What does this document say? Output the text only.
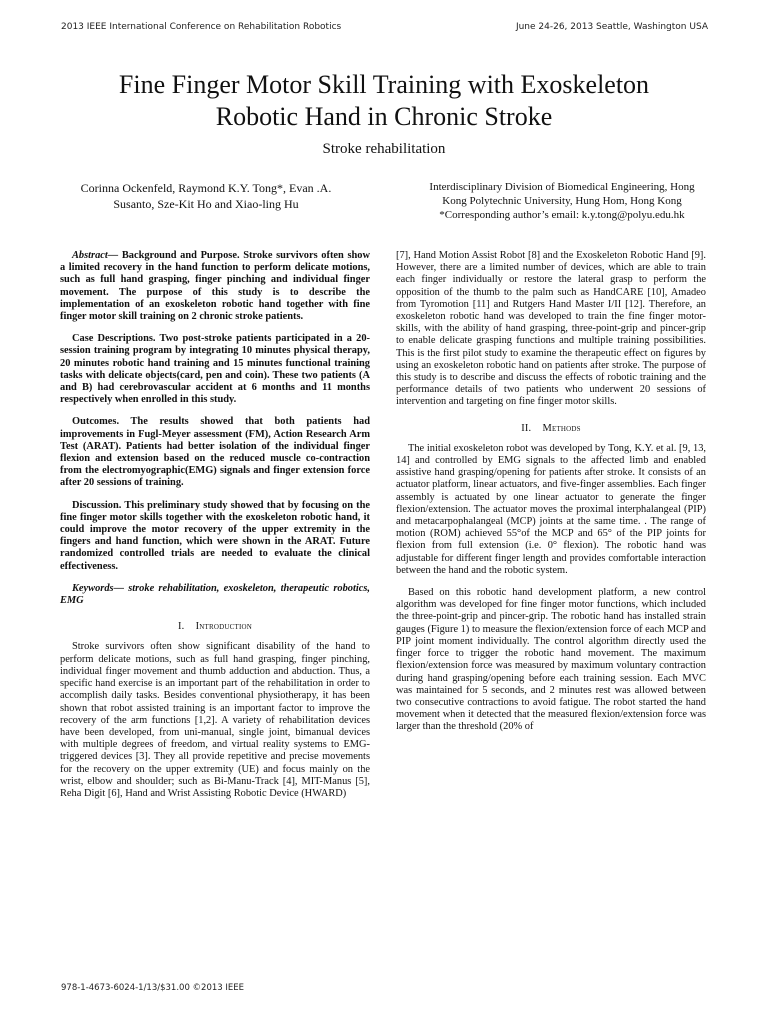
2013 IEEE International Conference on Rehabilitation Robotics	June 24-26, 2013 Seattle, Washington USA
Fine Finger Motor Skill Training with Exoskeleton
Robotic Hand in Chronic Stroke
Stroke rehabilitation
Corinna Ockenfeld, Raymond K.Y. Tong*, Evan .A.
Susanto, Sze-Kit Ho and Xiao-ling Hu
Interdisciplinary Division of Biomedical Engineering, Hong
Kong Polytechnic University, Hung Hom, Hong Kong
*Corresponding author’s email: k.y.tong@polyu.edu.hk

Abstract— Background and Purpose. Stroke survivors often show a limited recovery in the hand function to perform delicate motions, such as full hand grasping, finger pinching and individual finger movement. The purpose of this study is to describe the implementation of an exoskeleton robotic hand together with fine finger motor skill training on 2 chronic stroke patients.

Case Descriptions. Two post-stroke patients participated in a 20-session training program by integrating 10 minutes physical therapy, 20 minutes robotic hand training and 15 minutes functional training tasks with delicate objects(card, pen and coin). These two patients (A and B) had cerebrovascular accident at 6 months and 11 months respectively when enrolled in this study.

Outcomes. The results showed that both patients had improvements in Fugl-Meyer assessment (FM), Action Research Arm Test (ARAT). Patients had better isolation of the individual finger flexion and extension based on the reduced muscle co-contraction from the electromyographic(EMG) signals and finger extension force after 20 sessions of training.

Discussion. This preliminary study showed that by focusing on the fine finger motor skills together with the exoskeleton robotic hand, it could improve the motor recovery of the upper extremity in the fingers and hand function, which were shown in the ARAT. Future randomized controlled trials are needed to evaluate the clinical effectiveness.

Keywords— stroke rehabilitation, exoskeleton, therapeutic robotics, EMG

I. Introduction

Stroke survivors often show significant disability of the hand to perform delicate motions, such as full hand grasping, finger pinching, individual finger movement and thumb adduction and abduction. Thus, a specific hand exercise is an important part of the rehabilitation in order to accomplish daily tasks. Besides conventional physiotherapy, it has been shown that robot assisted training is an important factor to improve the recovery of the arm functions [1,2]. A variety of rehabilitation devices have been developed, from uni-manual, single joint, bimanual devices with multiple degrees of freedom, and virtual reality systems to EMG-triggered devices [3]. They all provide repetitive and precise movements for the recovery on the upper extremity (UE) and focus mainly on the wrist, elbow and shoulder; such as Bi-Manu-Track [4], MIT-Manus [5], Reha Digit [6], Hand and Wrist Assisting Robotic Device (HWARD)

[7], Hand Motion Assist Robot [8] and the Exoskeleton Robotic Hand [9]. However, there are a limited number of devices, which are able to train each finger individually or restore the lateral grasp to perform the opposition of the thumb to the palm such as HandCARE [10], Amadeo from Tyromotion [11] and Rutgers Hand Master I/II [12]. Therefore, an exoskeleton robotic hand was developed to train the fine finger motor-skills, with the ability of hand grasping, three-point-grip and pincer-grip to enable delicate grasping functions and multiple training possibilities. This is the first pilot study to examine the therapeutic effect on figures by using an exoskeleton robotic hand on patients after stroke. The purpose of this study is to describe and discuss the effects of robotic training and the performance details of two patients who underwent 20 sessions of intervention and targeting on fine finger motor skills.

II. Methods

The initial exoskeleton robot was developed by Tong, K.Y. et al. [9, 13, 14] and controlled by EMG signals to the affected limb and enabled assistive hand grasping/opening for patients after stroke. It consists of an actuator platform, linear actuators, and five-finger assemblies. Each finger assembly is actuated by one linear actuator to generate the finger flexion/extension. The actuator moves the proximal interphalangeal (PIP) and metacarpophalangeal (MCP) joints at the same time. . The range of motion (ROM) achieved 55°of the MCP and 65° of the PIP joints for flexion from full extension (i.e. 0° flexion). The robotic hand was adjustable for different finger length and provides comfortable interaction between the hand and the robotic system.

Based on this robotic hand development platform, a new control algorithm was developed for fine finger motor functions, which included the three-point-grip and pincer-grip. The robotic hand has installed strain gauges (Figure 1) to measure the flexion/extension force of each MCP and PIP joint moment individually. The control algorithm directly used the finger force to trigger the robotic hand movement. The maximum flexion/extension force was measured by maximum voluntary contraction during hand grasping/opening before each training session. Each MVC was maintained for 5 seconds, and 2 minutes rest was allowed between two consecutive contractions to avoid fatigue. The robot started the hand movement when it detected that the measured flexion/extension force was larger than the threshold (20% of

978-1-4673-6024-1/13/$31.00 ©2013 IEEE
